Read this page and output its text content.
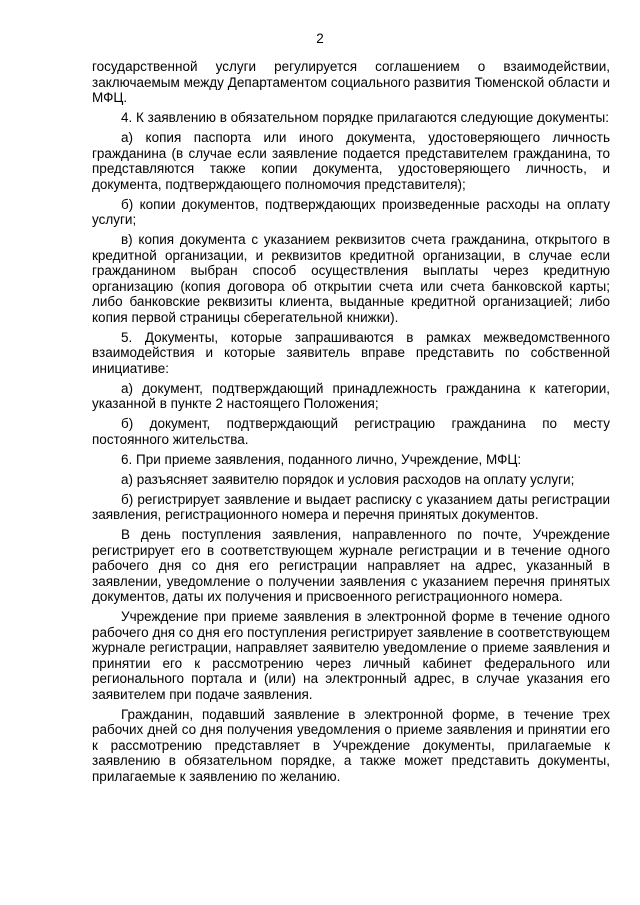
2

государственной услуги регулируется соглашением о взаимодействии, заключаемым между Департаментом социального развития Тюменской области и МФЦ.

4. К заявлению в обязательном порядке прилагаются следующие документы:

а) копия паспорта или иного документа, удостоверяющего личность гражданина (в случае если заявление подается представителем гражданина, то представляются также копии документа, удостоверяющего личность, и документа, подтверждающего полномочия представителя);

б) копии документов, подтверждающих произведенные расходы на оплату услуги;

в) копия документа с указанием реквизитов счета гражданина, открытого в кредитной организации, и реквизитов кредитной организации, в случае если гражданином выбран способ осуществления выплаты через кредитную организацию (копия договора об открытии счета или счета банковской карты; либо банковские реквизиты клиента, выданные кредитной организацией; либо копия первой страницы сберегательной книжки).

5. Документы, которые запрашиваются в рамках межведомственного взаимодействия и которые заявитель вправе представить по собственной инициативе:

а) документ, подтверждающий принадлежность гражданина к категории, указанной в пункте 2 настоящего Положения;

б) документ, подтверждающий регистрацию гражданина по месту постоянного жительства.

6. При приеме заявления, поданного лично, Учреждение, МФЦ:

а) разъясняет заявителю порядок и условия расходов на оплату услуги;

б) регистрирует заявление и выдает расписку с указанием даты регистрации заявления, регистрационного номера и перечня принятых документов.

В день поступления заявления, направленного по почте, Учреждение регистрирует его в соответствующем журнале регистрации и в течение одного рабочего дня со дня его регистрации направляет на адрес, указанный в заявлении, уведомление о получении заявления с указанием перечня принятых документов, даты их получения и присвоенного регистрационного номера.

Учреждение при приеме заявления в электронной форме в течение одного рабочего дня со дня его поступления регистрирует заявление в соответствующем журнале регистрации, направляет заявителю уведомление о приеме заявления и принятии его к рассмотрению через личный кабинет федерального или регионального портала и (или) на электронный адрес, в случае указания его заявителем при подаче заявления.

Гражданин, подавший заявление в электронной форме, в течение трех рабочих дней со дня получения уведомления о приеме заявления и принятии его к рассмотрению представляет в Учреждение документы, прилагаемые к заявлению в обязательном порядке, а также может представить документы, прилагаемые к заявлению по желанию.
